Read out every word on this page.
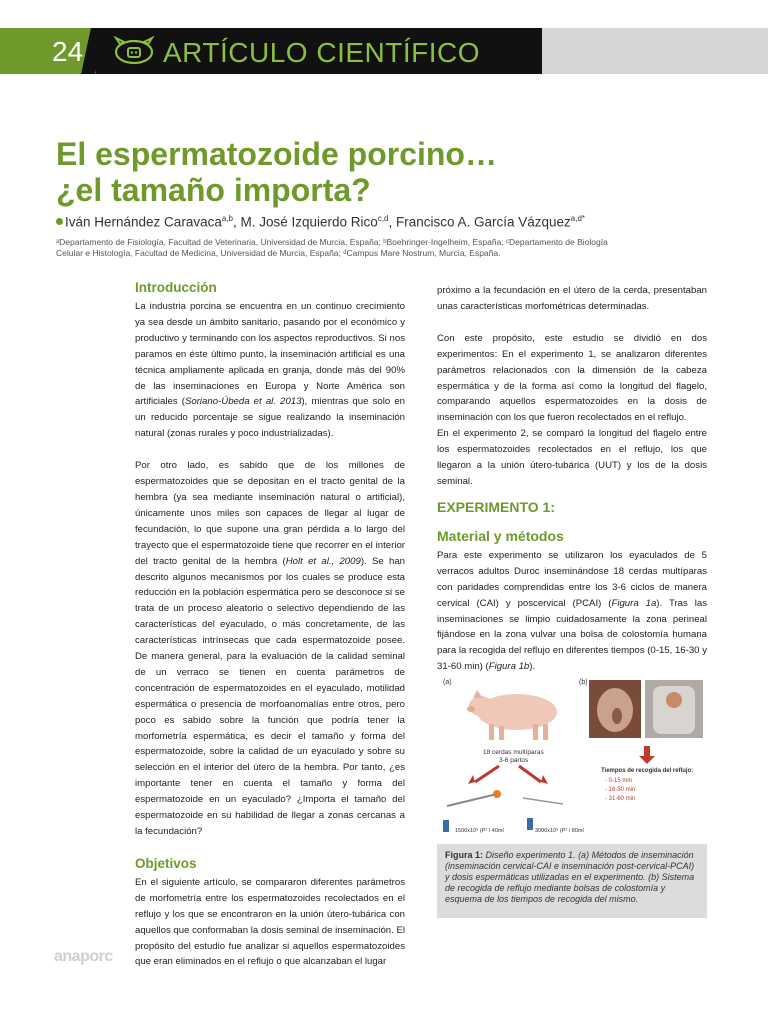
24	ARTÍCULO CIENTÍFICO
El espermatozoide porcino…
¿el tamaño importa?
Iván Hernández Caravaca$^{a,b}$, M. José Izquierdo Rico$^{c,d}$, Francisco A. García Vázquez$^{a,d*}$
ᵃDepartamento de Fisiología, Facultad de Veterinaria, Universidad de Murcia, España; ᵇBoehringer-Ingelheim, España; ᶜDepartamento de Biología Celular e Histología, Facultad de Medicina, Universidad de Murcia, España; ᵈCampus Mare Nostrum, Murcia, España.
Introducción

La industria porcina se encuentra en un continuo crecimiento ya sea desde un ámbito sanitario, pasando por el económico y productivo y terminando con los aspectos reproductivos. Si nos paramos en éste último punto, la inseminación artificial es una técnica ampliamente aplicada en granja, donde más del 90% de las inseminaciones en Europa y Norte América son artificiales (Soriano-Úbeda et al. 2013), mientras que solo en un reducido porcentaje se sigue realizando la inseminación natural (zonas rurales y poco industrializadas).

Por otro lado, es sabido que de los millones de espermatozoides que se depositan en el tracto genital de la hembra (ya sea mediante inseminación natural o artificial), únicamente unos miles son capaces de llegar al lugar de fecundación, lo que supone una gran pérdida a lo largo del trayecto que el espermatozoide tiene que recorrer en el interior del tracto genital de la hembra (Holt et al., 2009). Se han descrito algunos mecanismos por los cuales se produce esta reducción en la población espermática pero se desconoce si se trata de un proceso aleatorio o selectivo dependiendo de las características del eyaculado, o más concretamente, de las características intrínsecas que cada espermatozoide posee. De manera general, para la evaluación de la calidad seminal de un verraco se tienen en cuenta parámetros de concentración de espermatozoides en el eyaculado, motilidad espermática o presencia de morfoanomalías entre otros, pero poco es sabido sobre la función que podría tener la morfometría espermática, es decir el tamaño y forma del espermatozoide, sobre la calidad de un eyaculado y sobre su selección en el interior del útero de la hembra. Por tanto, ¿es importante tener en cuenta el tamaño y forma del espermatozoide en un eyaculado? ¿Importa el tamaño del espermatozoide en su habilidad de llegar a zonas cercanas a la fecundación?

Objetivos

En el siguiente artículo, se compararon diferentes parámetros de morfometría entre los espermatozoides recolectados en el reflujo y los que se encontraron en la unión útero-tubárica con aquellos que conformaban la dosis seminal de inseminación. El propósito del estudio fue analizar si aquellos espermatozoides que eran eliminados en el reflujo o que alcanzaban el lugar

próximo a la fecundación en el útero de la cerda, presentaban unas características morfométricas determinadas.

Con este propósito, este estudio se dividió en dos experimentos: En el experimento 1, se analizaron diferentes parámetros relacionados con la dimensión de la cabeza espermática y de la forma así como la longitud del flagelo, comparando aquellos espermatozoides en la dosis de inseminación con los que fueron recolectados en el reflujo.

En el experimento 2, se comparó la longitud del flagelo entre los espermatozoides recolectados en el reflujo, los que llegaron a la unión útero-tubárica (UUT) y los de la dosis seminal.

EXPERIMENTO 1:
Material y métodos

Para este experimento se utilizaron los eyaculados de 5 verracos adultos Duroc inseminándose 18 cerdas multíparas con paridades comprendidas entre los 3-6 ciclos de manera cervical (CAI) y poscervical (PCAI) (Figura 1a). Tras las inseminaciones se limpio cuidadosamente la zona perineal fijándose en la zona vulvar una bolsa de colostomía humana para la recogida del reflujo en diferentes tiempos (0-15, 16-30 y 31-60 min) (Figura 1b).

(a)
18 cerdas multíparas
3-6 partos
1500x10⁶ (P¹ / 40ml	3000x10⁶ (P¹ / 80ml
(b)
Tiempos de recogida del reflujo:
- 0-15 min
- 16-30 min
- 31-60 min
Figura 1: Diseño experimento 1. (a) Métodos de inseminación (inseminación cervical-CAI e inseminación post-cervical-PCAI) y dosis espermáticas utilizadas en el experimento. (b) Sistema de recogida de reflujo mediante bolsas de colostomía y esquema de los tiempos de recogida del mismo.
anaporc
